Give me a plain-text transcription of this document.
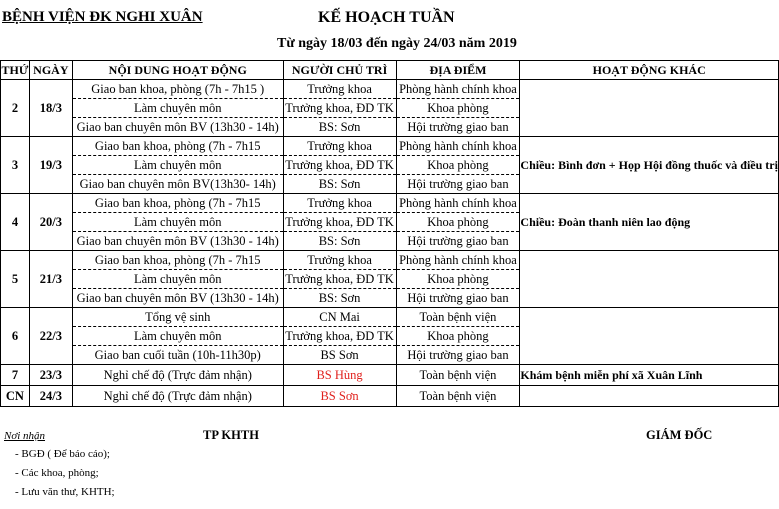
BỆNH VIỆN ĐK NGHI XUÂN	KẾ HOẠCH TUẦN
Từ ngày 18/03 đến ngày 24/03 năm 2019
THỨ	NGÀY	NỘI DUNG HOẠT ĐỘNG	NGƯỜI CHỦ TRÌ	ĐỊA ĐIỂM	HOẠT ĐỘNG KHÁC
2	18/3	Giao ban khoa, phòng (7h - 7h15 )	Trưởng khoa	Phòng hành chính khoa	
		Làm chuyên môn	Trưởng khoa, ĐD TK	Khoa phòng	
		Giao ban chuyên môn BV (13h30 - 14h)	BS: Sơn	Hội trường giao ban	
3	19/3	Giao ban khoa, phòng (7h - 7h15	Trưởng khoa	Phòng hành chính khoa	Chiều: Bình đơn + Họp Hội đồng thuốc và điều trị
		Làm chuyên môn	Trưởng khoa, ĐD TK	Khoa phòng	
		Giao ban chuyên môn BV(13h30- 14h)	BS: Sơn	Hội trường giao ban	
4	20/3	Giao ban khoa, phòng (7h - 7h15	Trưởng khoa	Phòng hành chính khoa	Chiều: Đoàn thanh niên lao động
		Làm chuyên môn	Trưởng khoa, ĐD TK	Khoa phòng	
		Giao ban chuyên môn BV (13h30 - 14h)	BS: Sơn	Hội trường giao ban	
5	21/3	Giao ban khoa, phòng (7h - 7h15	Trưởng khoa	Phòng hành chính khoa	
		Làm chuyên môn	Trưởng khoa, ĐD TK	Khoa phòng	
		Giao ban chuyên môn BV (13h30 - 14h)	BS: Sơn	Hội trường giao ban	
6	22/3	Tổng vệ sinh	CN Mai	Toàn bệnh viện	
		Làm chuyên môn	Trưởng khoa, ĐD TK	Khoa phòng	
		Giao ban cuối tuần (10h-11h30p)	BS Sơn	Hội trường giao ban	
7	23/3	Nghỉ chế độ (Trực đảm nhận)	BS Hùng	Toàn bệnh viện	Khám bệnh miễn phí xã Xuân Lĩnh
CN	24/3	Nghỉ chế độ (Trực đảm nhận)	BS Sơn	Toàn bệnh viện	
Nơi nhận
- BGĐ ( Để báo cáo);
- Các khoa, phòng;
- Lưu văn thư, KHTH;
TP KHTH	GIÁM ĐỐC
